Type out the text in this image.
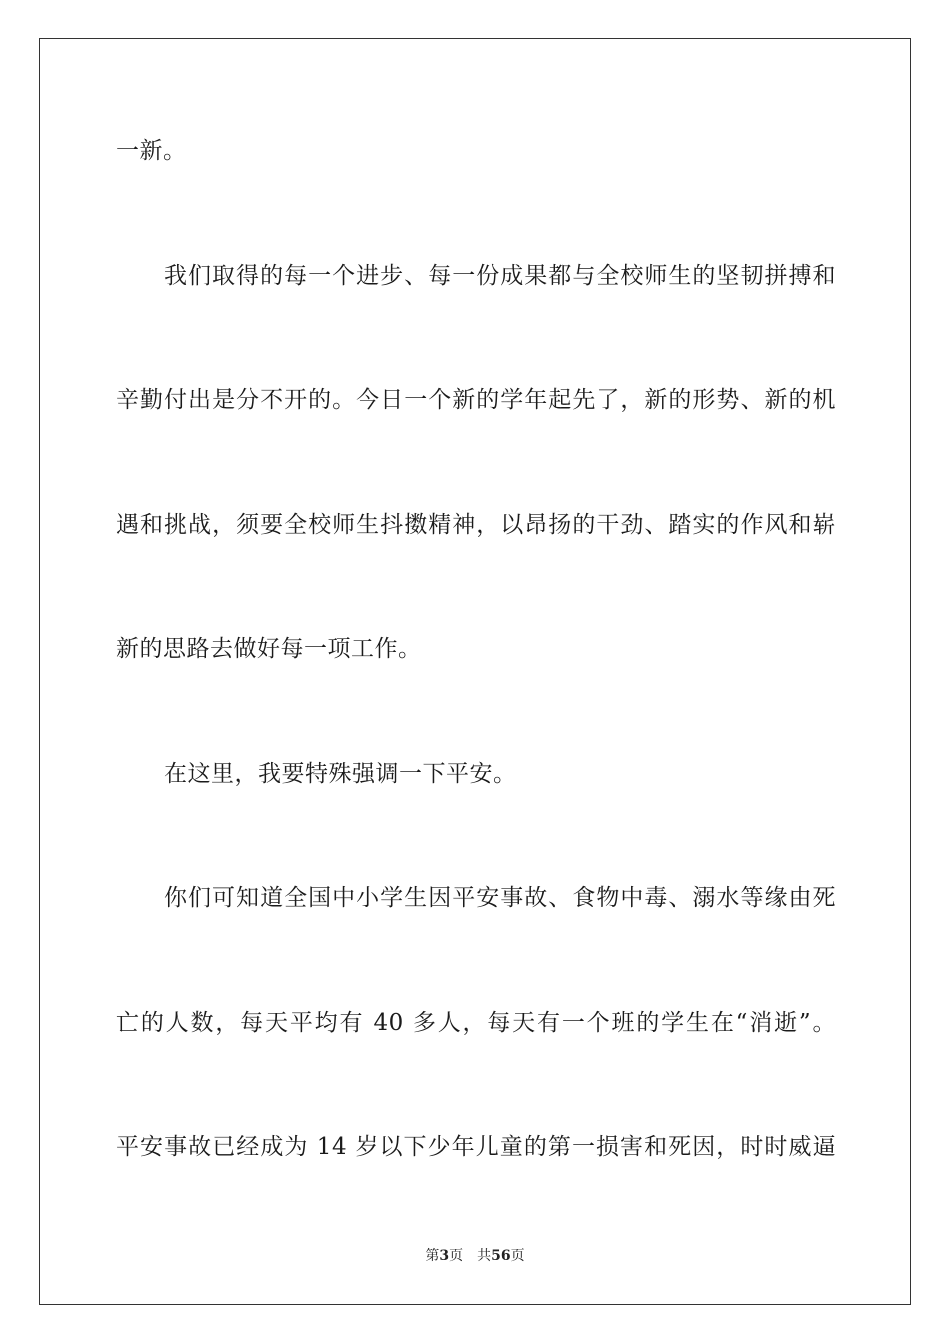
一新。
我们取得的每一个进步、每一份成果都与全校师生的坚韧拼搏和
辛勤付出是分不开的。今日一个新的学年起先了，新的形势、新的机
遇和挑战，须要全校师生抖擞精神，以昂扬的干劲、踏实的作风和崭
新的思路去做好每一项工作。
在这里，我要特殊强调一下平安。
你们可知道全国中小学生因平安事故、食物中毒、溺水等缘由死
亡的人数，每天平均有 40 多人，每天有一个班的学生在“消逝”。
平安事故已经成为 14 岁以下少年儿童的第一损害和死因，时时威逼
第3页 共56页
